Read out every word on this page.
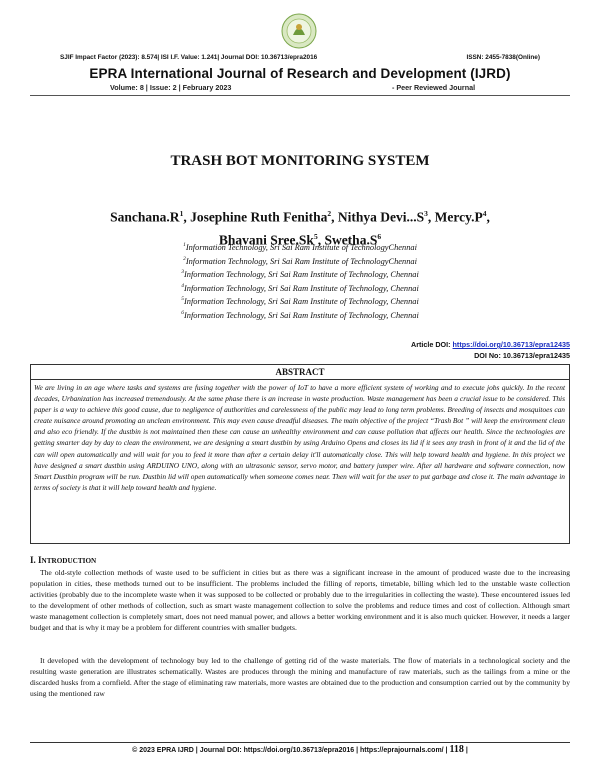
SJIF Impact Factor (2023): 8.574| ISI I.F. Value: 1.241| Journal DOI: 10.36713/epra2016	ISSN: 2455-7838(Online)
EPRA International Journal of Research and Development (IJRD)
Volume: 8 | Issue: 2 | February 2023	- Peer Reviewed Journal
TRASH BOT MONITORING SYSTEM
$Sanchana.R^1$, Josephine Ruth Fenitha$^2$, Nithya $Devi...S^3$, $Mercy.P^4$,
Bhavani Sree.Sk$^5$, $Swetha.S^6$
$^1$Information Technology, Sri Sai Ram Institute of TechnologyChennai
$^2$Information Technology, Sri Sai Ram Institute of TechnologyChennai
$^3$Information Technology, Sri Sai Ram Institute of Technology, Chennai
$^4$Information Technology, Sri Sai Ram Institute of Technology, Chennai
$^5$Information Technology, Sri Sai Ram Institute of Technology, Chennai
$^6$Information Technology, Sri Sai Ram Institute of Technology, Chennai
Article DOI: https://doi.org/10.36713/epra12435
DOI No: 10.36713/epra12435
ABSTRACT
We are living in an age where tasks and systems are fusing together with the power of IoT to have a more efficient system of working and to execute jobs quickly. In the recent decades, Urbanization has increased tremendously. At the same phase there is an increase in waste production. Waste management has been a crucial issue to be considered. This paper is a way to achieve this good cause, due to negligence of authorities and carelessness of the public may lead to long term problems. Breeding of insects and mosquitoes can create nuisance around promoting an unclean environment. This may even cause dreadful diseases. The main objective of the project “Trash Bot ” will keep the environment clean and also eco friendly. If the dustbin is not maintained then these can cause an unhealthy environment and can cause pollution that affects our health. Since the technologies are getting smarter day by day to clean the environment, we are designing a smart dustbin by using Arduino Opens and closes its lid if it sees any trash in front of it and the lid of the can will open automatically and will wait for you to feed it more than after a certain delay it'll automatically close. This will help toward health and hygiene. In this project we have designed a smart dustbin using ARDUINO UNO, along with an ultrasonic sensor, servo motor, and battery jumper wire. After all hardware and software connection, now Smart Dustbin program will be run. Dustbin lid will open automatically when someone comes near. Then will wait for the user to put garbage and close it. The main advantage in terms of society is that it will help toward health and hygiene.
I. INTRODUCTION
The old-style collection methods of waste used to be sufficient in cities but as there was a significant increase in the amount of produced waste due to the increasing population in cities, these methods turned out to be insufficient. The problems included the filling of reports, timetable, billing which led to the unstable waste collection activities (probably due to the incomplete waste when it was supposed to be collected or probably due to the irregularities in collecting the waste). These encountered issues led to the development of other methods of collection, such as smart waste management collection to solve the problems and reduce times and cost of collection. Although smart waste management collection is completely smart, does not need manual power, and allows a better working environment and it is also much quicker. However, it needs a larger budget and that is why it may be a problem for different countries with smaller budgets.
It developed with the development of technology buy led to the challenge of getting rid of the waste materials. The flow of materials in a technological society and the resulting waste generation are illustrates schematically. Wastes are produces through the mining and manufacture of raw materials, such as the tailings from a mine or the discarded husks from a cornfield. After the stage of eliminating raw materials, more wastes are obtained due to the production and consumption carried out by the community by using the mentioned raw
© 2023 EPRA IJRD | Journal DOI: https://doi.org/10.36713/epra2016 | https://eprajournals.com/ | 118 |
